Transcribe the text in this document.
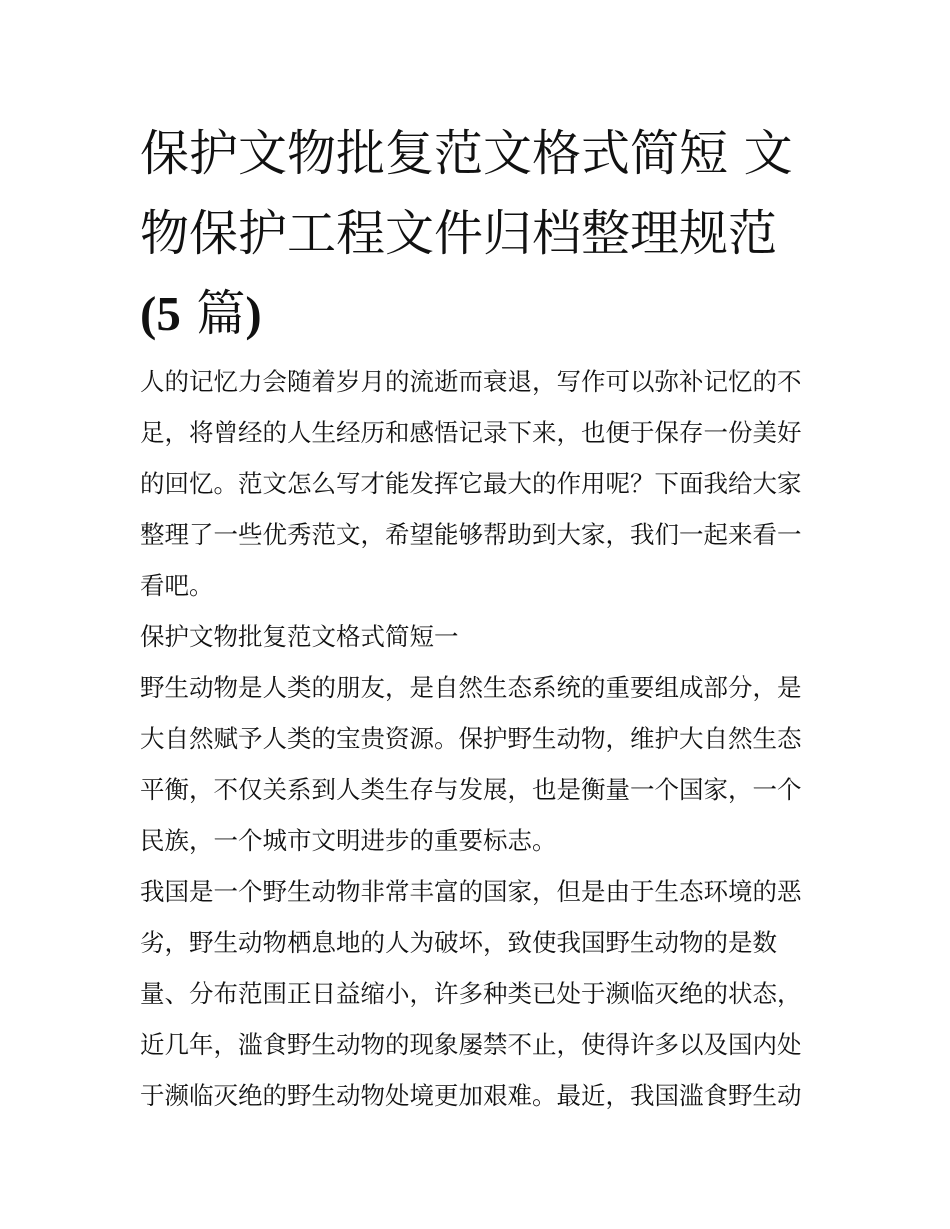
保护文物批复范文格式简短 文
物保护工程文件归档整理规范
(5 篇)

人的记忆力会随着岁月的流逝而衰退，写作可以弥补记忆的不
足，将曾经的人生经历和感悟记录下来，也便于保存一份美好
的回忆。范文怎么写才能发挥它最大的作用呢？下面我给大家
整理了一些优秀范文，希望能够帮助到大家，我们一起来看一
看吧。

保护文物批复范文格式简短一

野生动物是人类的朋友，是自然生态系统的重要组成部分，是
大自然赋予人类的宝贵资源。保护野生动物，维护大自然生态
平衡，不仅关系到人类生存与发展，也是衡量一个国家，一个
民族，一个城市文明进步的重要标志。

我国是一个野生动物非常丰富的国家，但是由于生态环境的恶
劣，野生动物栖息地的人为破坏，致使我国野生动物的是数
量、分布范围正日益缩小，许多种类已处于濒临灭绝的状态，
近几年，滥食野生动物的现象屡禁不止，使得许多以及国内处
于濒临灭绝的野生动物处境更加艰难。最近，我国滥食野生动
